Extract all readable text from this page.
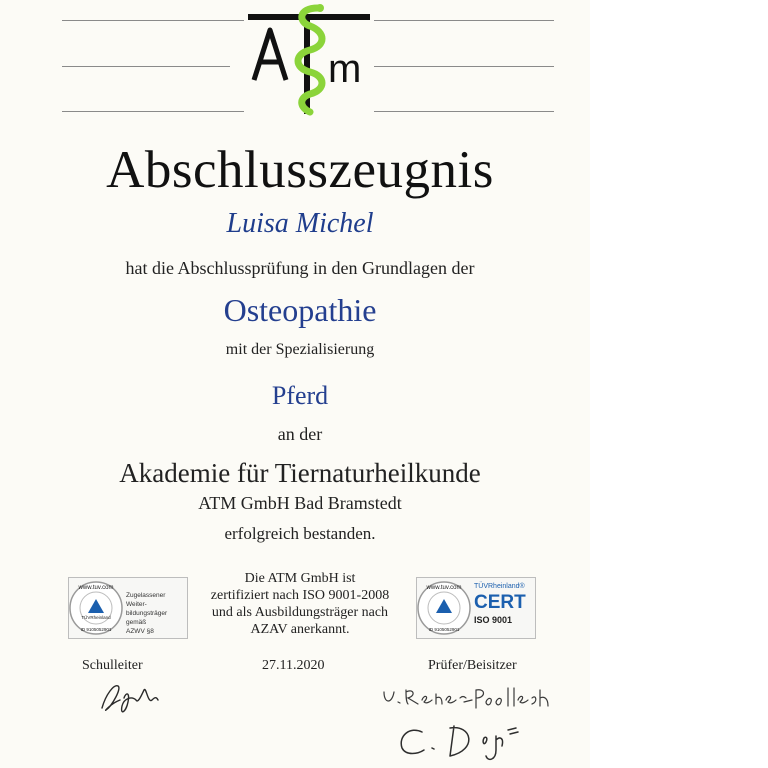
m
Abschlusszeugnis
Luisa Michel
hat die Abschlussprüfung in den Grundlagen der
Osteopathie
mit der Spezialisierung
Pferd
an der
Akademie für Tiernaturheilkunde
ATM GmbH Bad Bramstedt
erfolgreich bestanden.
Die ATM GmbH ist
zertifiziert nach ISO 9001-2008
und als Ausbildungsträger nach
AZAV anerkannt.
www.tuv.com
TÜVRheinland
ID 9105052901
Zugelassener Weiter-
bildungsträger gemäß
AZWV §8
www.tuv.com
ID 9105052901
TÜVRheinland®
CERT
ISO 9001
Schulleiter	27.11.2020	Prüfer/Beisitzer
